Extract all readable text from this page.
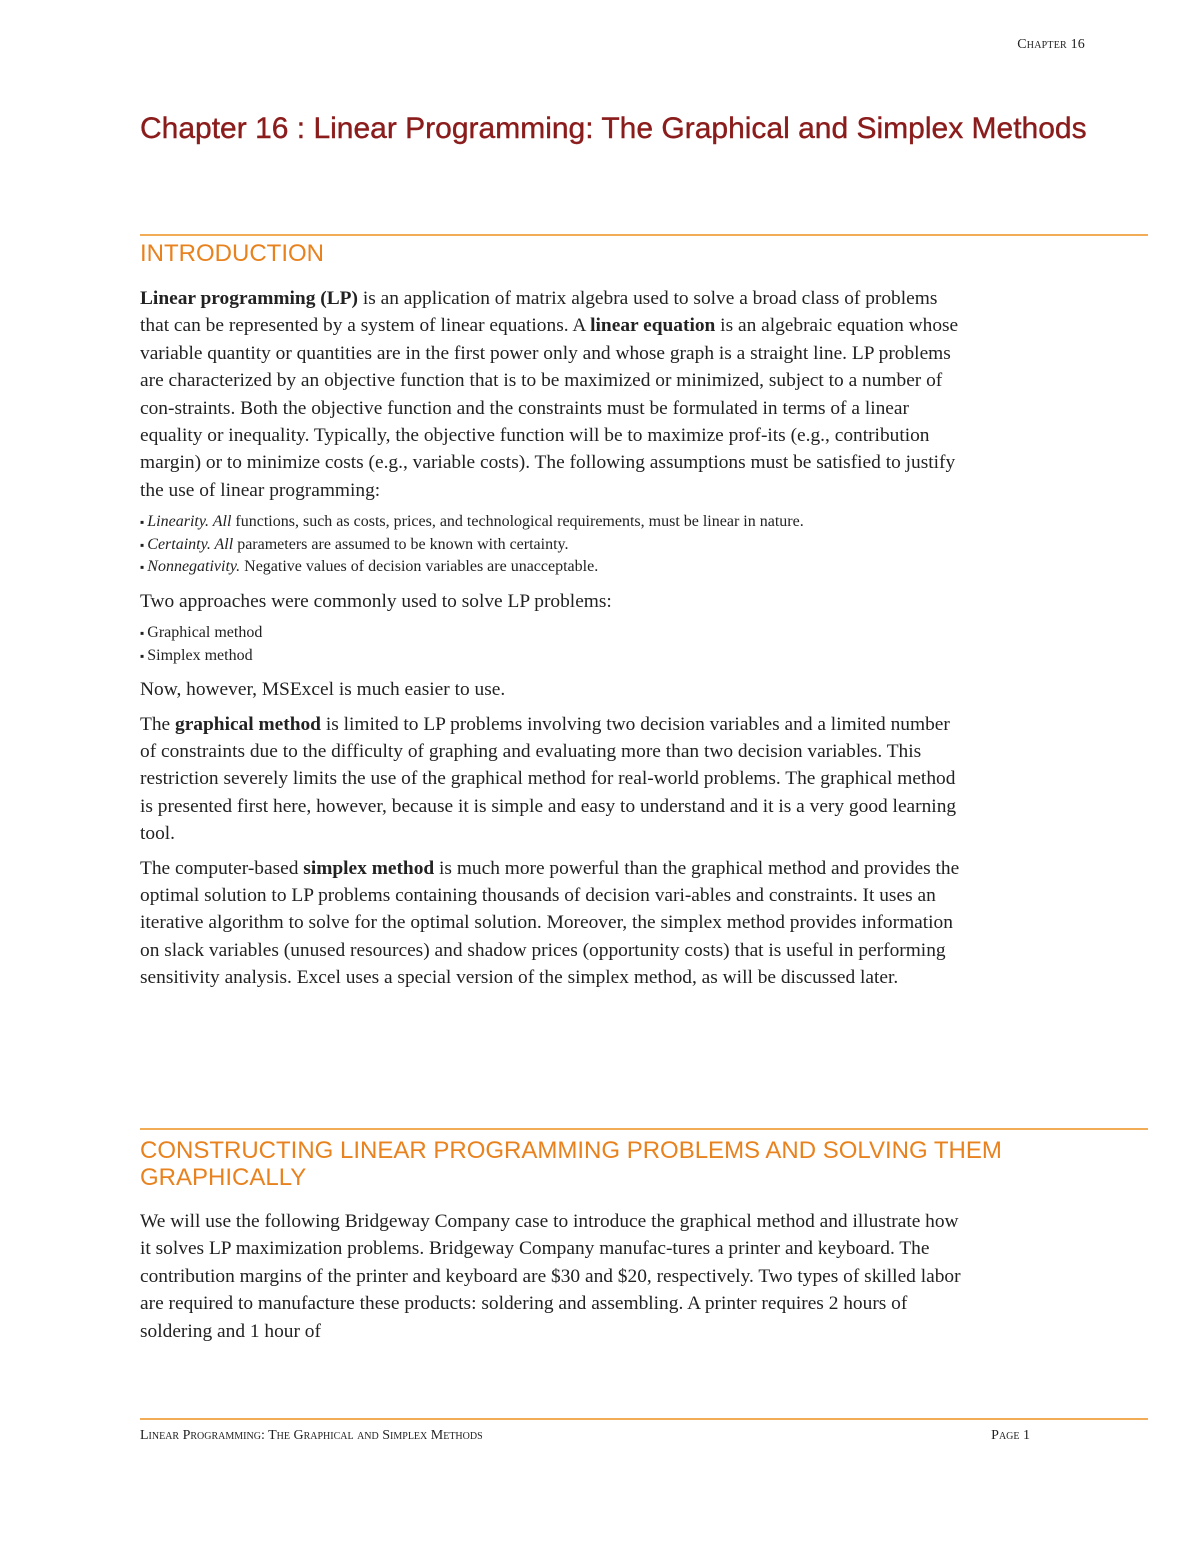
Chapter 16
Chapter 16 : Linear Programming: The Graphical and Simplex Methods
INTRODUCTION

Linear programming (LP) is an application of matrix algebra used to solve a broad class of problems that can be represented by a system of linear equations. A linear equation is an algebraic equation whose variable quantity or quantities are in the first power only and whose graph is a straight line. LP problems are characterized by an objective function that is to be maximized or minimized, subject to a number of con-straints. Both the objective function and the constraints must be formulated in terms of a linear equality or inequality. Typically, the objective function will be to maximize prof-its (e.g., contribution margin) or to minimize costs (e.g., variable costs). The following assumptions must be satisfied to justify the use of linear programming:

▪ Linearity. All functions, such as costs, prices, and technological requirements, must be linear in nature.
▪ Certainty. All parameters are assumed to be known with certainty.
▪ Nonnegativity. Negative values of decision variables are unacceptable.

Two approaches were commonly used to solve LP problems:

▪ Graphical method
▪ Simplex method

Now, however, MSExcel is much easier to use.

The graphical method is limited to LP problems involving two decision variables and a limited number of constraints due to the difficulty of graphing and evaluating more than two decision variables. This restriction severely limits the use of the graphical method for real-world problems. The graphical method is presented first here, however, because it is simple and easy to understand and it is a very good learning tool.

The computer-based simplex method is much more powerful than the graphical method and provides the optimal solution to LP problems containing thousands of decision vari-ables and constraints. It uses an iterative algorithm to solve for the optimal solution. Moreover, the simplex method provides information on slack variables (unused resources) and shadow prices (opportunity costs) that is useful in performing sensitivity analysis. Excel uses a special version of the simplex method, as will be discussed later.

CONSTRUCTING LINEAR PROGRAMMING PROBLEMS AND SOLVING THEM GRAPHICALLY

We will use the following Bridgeway Company case to introduce the graphical method and illustrate how it solves LP maximization problems. Bridgeway Company manufac-tures a printer and keyboard. The contribution margins of the printer and keyboard are $30 and $20, respectively. Two types of skilled labor are required to manufacture these products: soldering and assembling. A printer requires 2 hours of soldering and 1 hour of

Linear Programming: The Graphical and Simplex Methods	Page 1
